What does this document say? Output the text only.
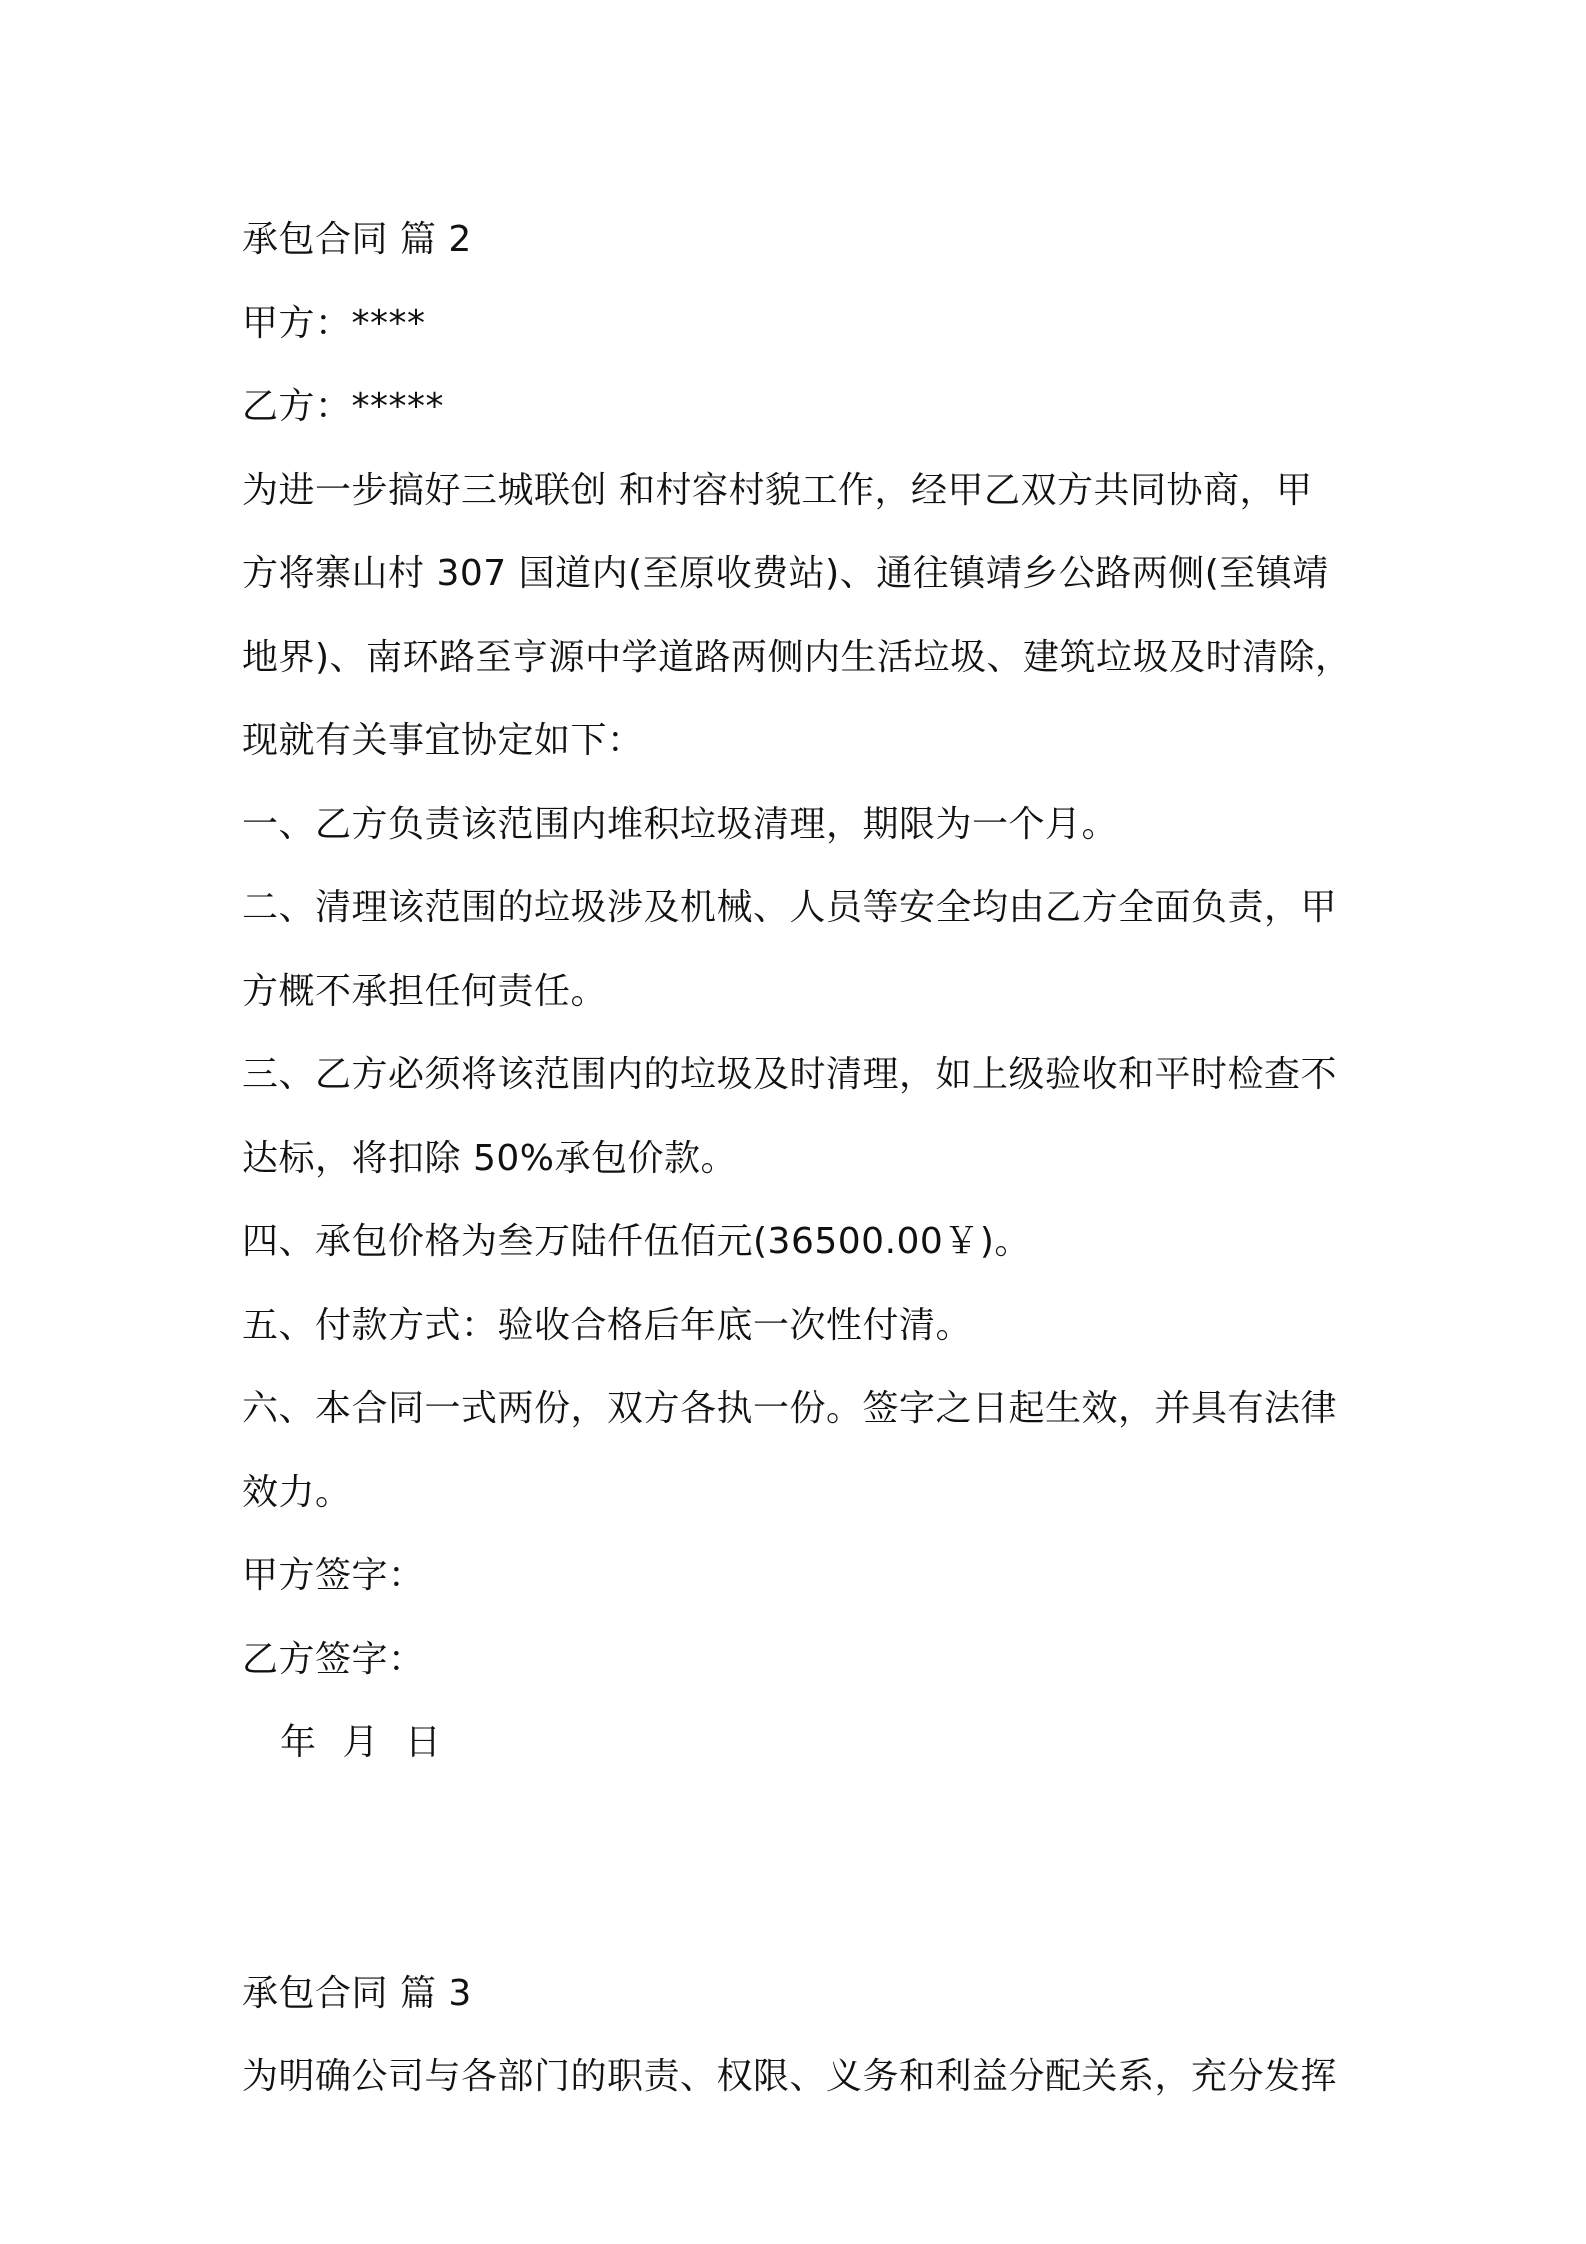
承包合同 篇 2

甲方：****

乙方：*****

为进一步搞好三城联创 和村容村貌工作，经甲乙双方共同协商，甲

方将寨山村 307 国道内(至原收费站)、通往镇靖乡公路两侧(至镇靖

地界)、南环路至亨源中学道路两侧内生活垃圾、建筑垃圾及时清除，

现就有关事宜协定如下：

一、乙方负责该范围内堆积垃圾清理，期限为一个月。

二、清理该范围的垃圾涉及机械、人员等安全均由乙方全面负责，甲

方概不承担任何责任。

三、乙方必须将该范围内的垃圾及时清理，如上级验收和平时检查不

达标，将扣除 50%承包价款。

四、承包价格为叁万陆仟伍佰元(36500.00￥)。

五、付款方式：验收合格后年底一次性付清。

六、本合同一式两份，双方各执一份。签字之日起生效，并具有法律

效力。

甲方签字：

乙方签字：

年 月 日

承包合同 篇 3

为明确公司与各部门的职责、权限、义务和利益分配关系，充分发挥
